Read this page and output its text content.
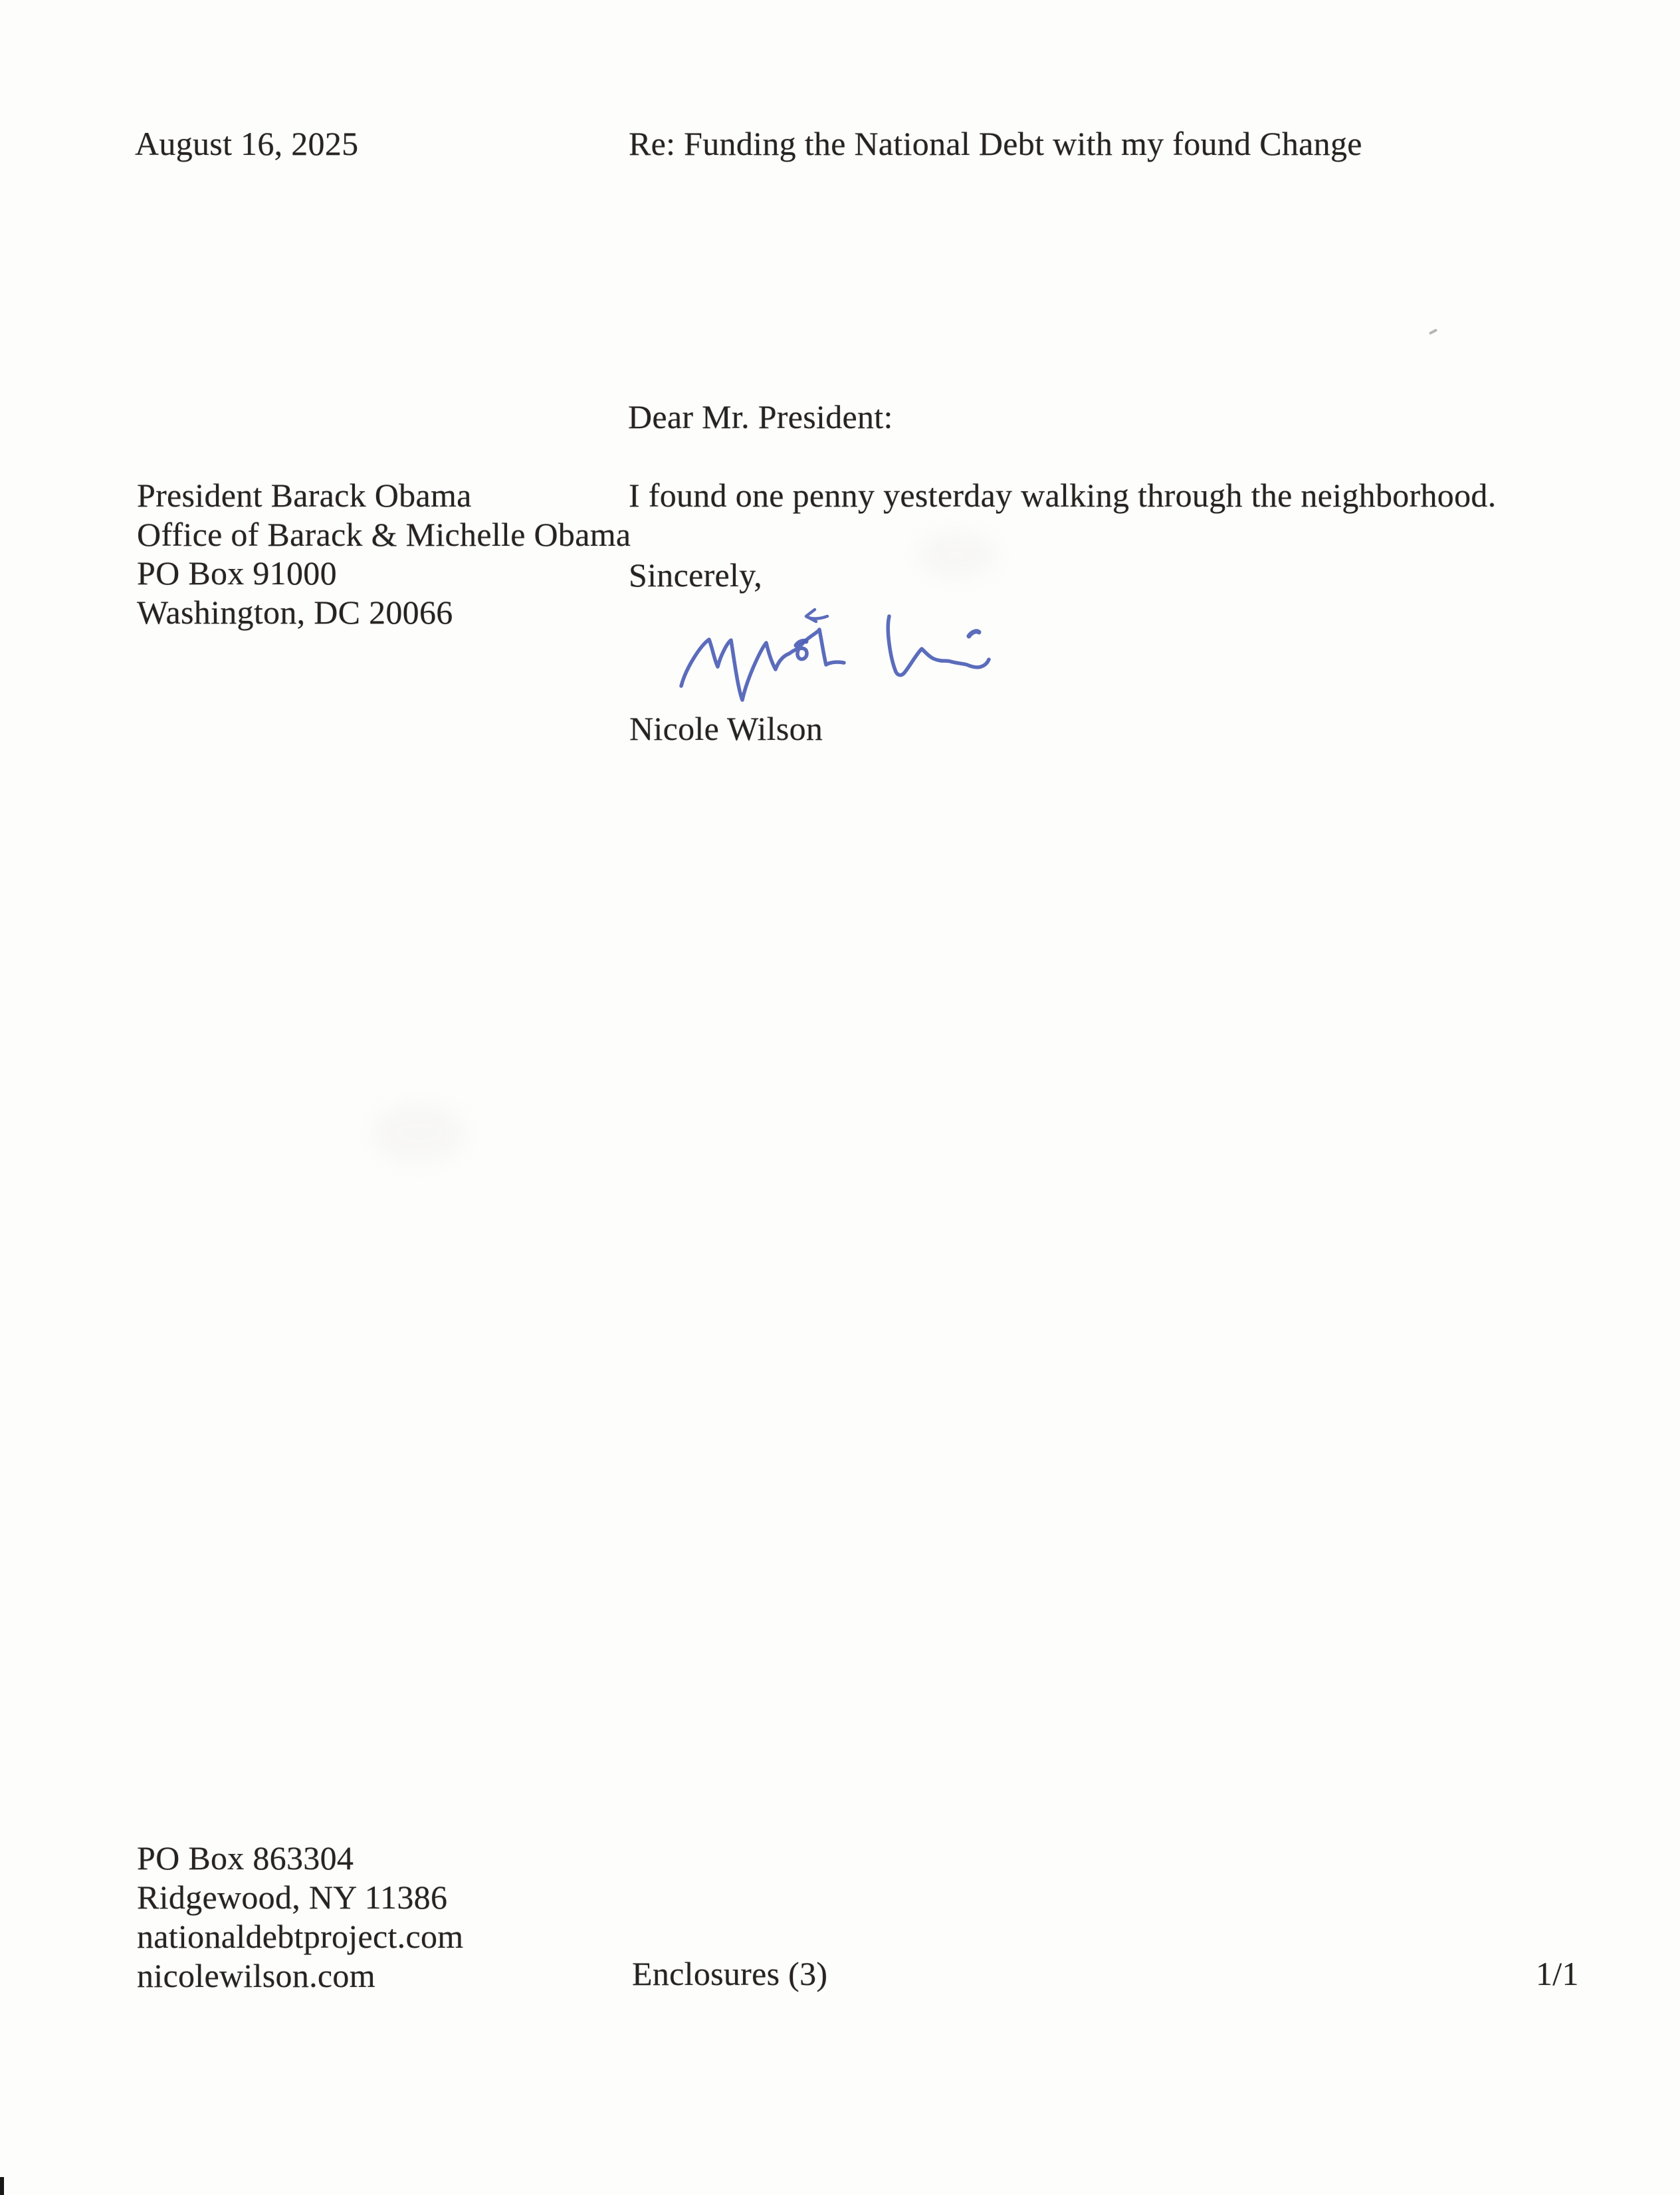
August 16, 2025	Re: Funding the National Debt with my found Change
Dear Mr. President:
President Barack Obama
Office of Barack & Michelle Obama
PO Box 91000
Washington, DC 20066
I found one penny yesterday walking through the neighborhood.
Sincerely,
Nicole Wilson
PO Box 863304
Ridgewood, NY 11386
nationaldebtproject.com
nicolewilson.com	Enclosures (3)	1/1
